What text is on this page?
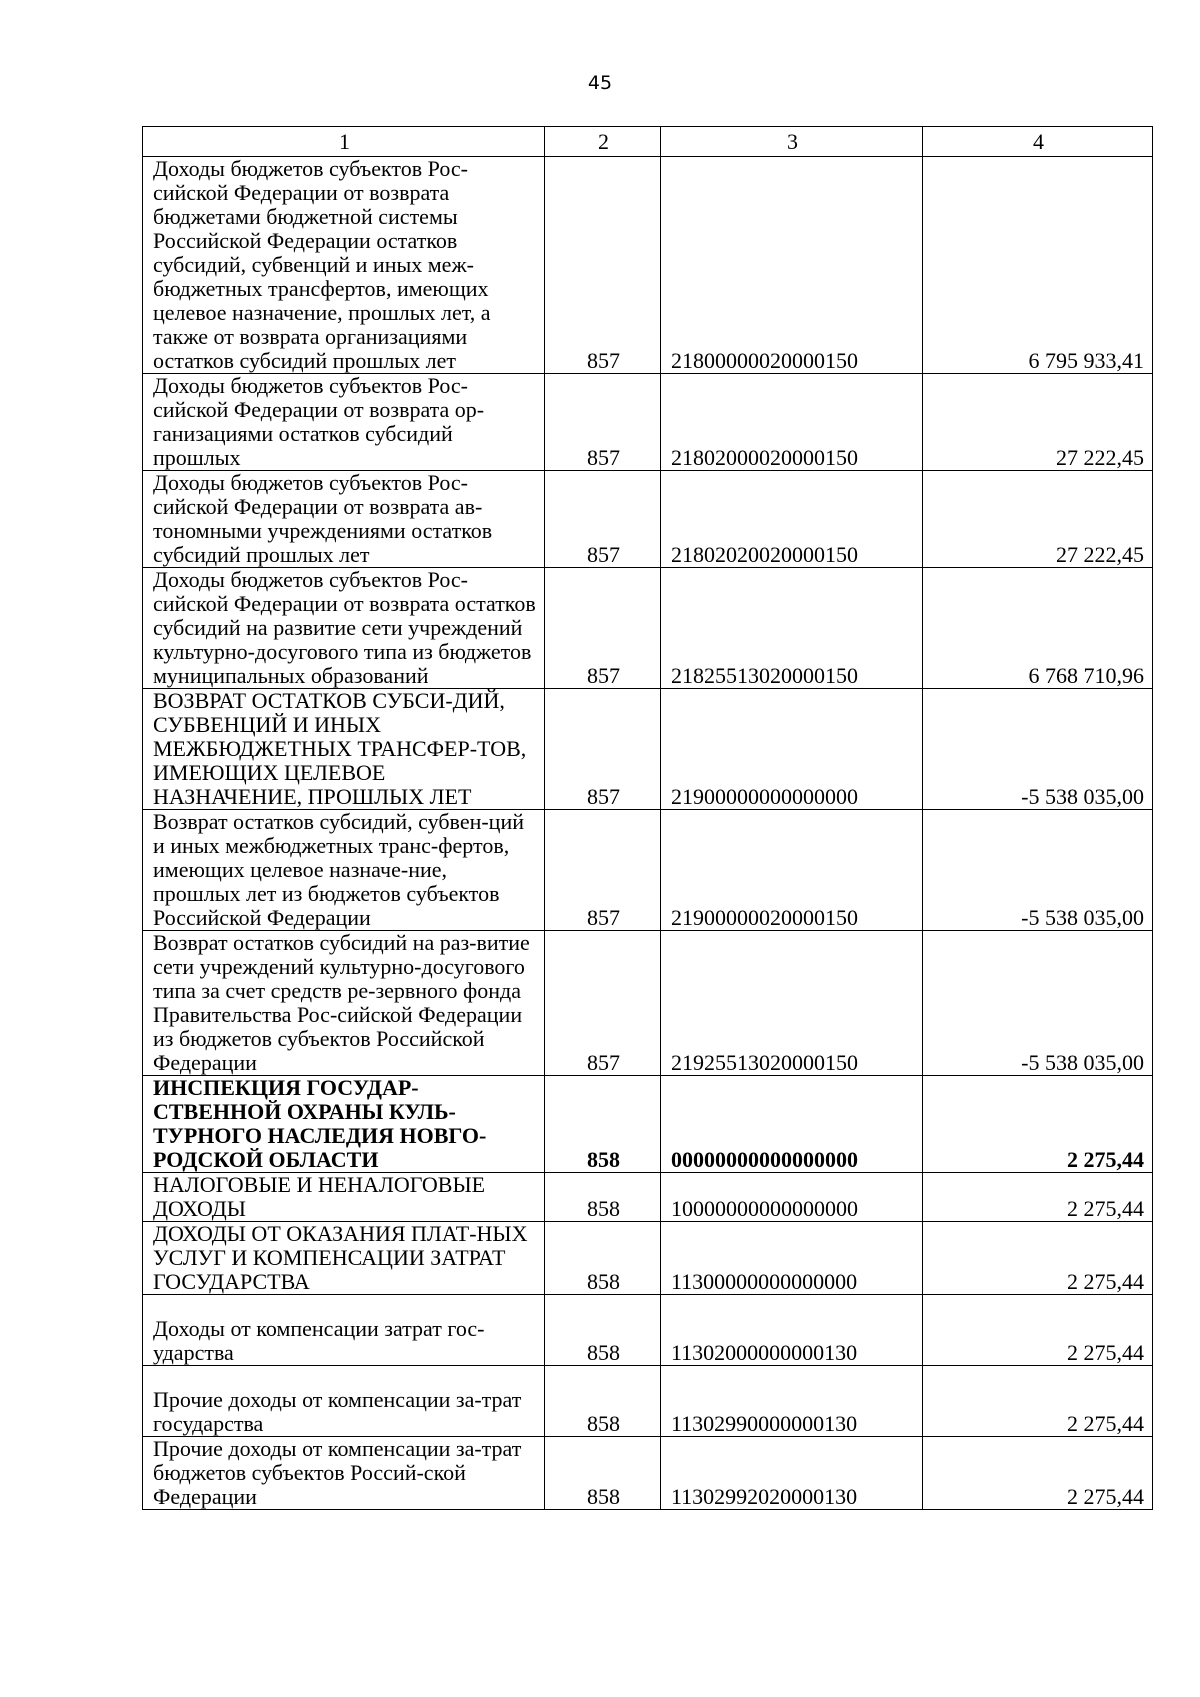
45
1	2	3	4
Доходы бюджетов субъектов Рос-сийской Федерации от возврата бюджетами бюджетной системы Российской Федерации остатков субсидий, субвенций и иных меж-бюджетных трансфертов, имеющих целевое назначение, прошлых лет, а также от возврата организациями остатков субсидий прошлых лет	857	21800000020000150	6 795 933,41
Доходы бюджетов субъектов Рос-сийской Федерации от возврата ор-ганизациями остатков субсидий прошлых	857	21802000020000150	27 222,45
Доходы бюджетов субъектов Рос-сийской Федерации от возврата ав-тономными учреждениями остатков субсидий прошлых лет	857	21802020020000150	27 222,45
Доходы бюджетов субъектов Рос-сийской Федерации от возврата остатков субсидий на развитие сети учреждений культурно-досугового типа из бюджетов муниципальных образований	857	21825513020000150	6 768 710,96
ВОЗВРАТ ОСТАТКОВ СУБСИ-ДИЙ, СУБВЕНЦИЙ И ИНЫХ МЕЖБЮДЖЕТНЫХ ТРАНСФЕР-ТОВ, ИМЕЮЩИХ ЦЕЛЕВОЕ НАЗНАЧЕНИЕ, ПРОШЛЫХ ЛЕТ	857	21900000000000000	-5 538 035,00
Возврат остатков субсидий, субвен-ций и иных межбюджетных транс-фертов, имеющих целевое назначе-ние, прошлых лет из бюджетов субъектов Российской Федерации	857	21900000020000150	-5 538 035,00
Возврат остатков субсидий на раз-витие сети учреждений культурно-досугового типа за счет средств ре-зервного фонда Правительства Рос-сийской Федерации из бюджетов субъектов Российской Федерации	857	21925513020000150	-5 538 035,00
ИНСПЕКЦИЯ ГОСУДАР-СТВЕННОЙ ОХРАНЫ КУЛЬ-ТУРНОГО НАСЛЕДИЯ НОВГО-РОДСКОЙ ОБЛАСТИ	858	00000000000000000	2 275,44
НАЛОГОВЫЕ И НЕНАЛОГОВЫЕ ДОХОДЫ	858	10000000000000000	2 275,44
ДОХОДЫ ОТ ОКАЗАНИЯ ПЛАТ-НЫХ УСЛУГ И КОМПЕНСАЦИИ ЗАТРАТ ГОСУДАРСТВА	858	11300000000000000	2 275,44
Доходы от компенсации затрат гос-ударства	858	11302000000000130	2 275,44
Прочие доходы от компенсации за-трат государства	858	11302990000000130	2 275,44
Прочие доходы от компенсации за-трат бюджетов субъектов Россий-ской Федерации	858	11302992020000130	2 275,44
